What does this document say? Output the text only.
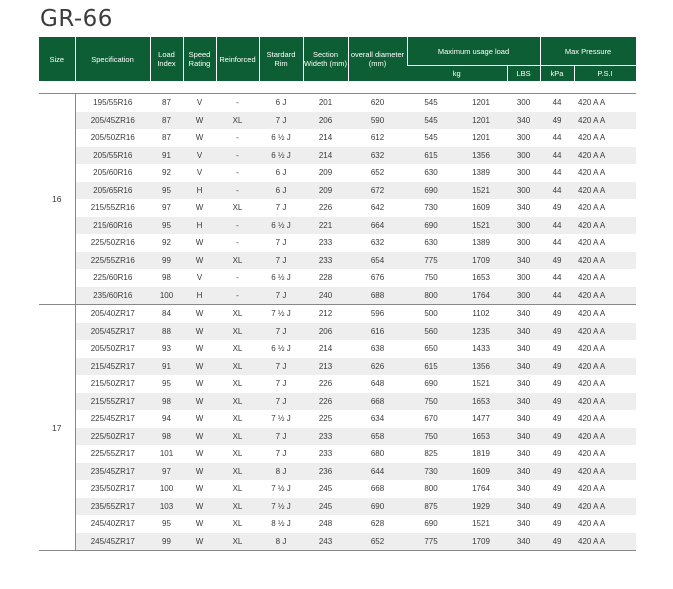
GR-66
Size	Specification	Load Index	Speed Rating	Reinforced	Stardard Rim	Section Wideth (mm)	overall diameter (mm)	Maximum usage load			Max Pressure		UTQG
								kg		LBS	kPa	P.S.I	

16	195/55R16	87	V	-	6 J	201	620	545	1201	300	44	420 A A	
	205/45ZR16	87	W	XL	7 J	206	590	545	1201	340	49	420 A A	
	205/50ZR16	87	W	-	6 ½ J	214	612	545	1201	300	44	420 A A	
	205/55R16	91	V	-	6 ½ J	214	632	615	1356	300	44	420 A A	
	205/60R16	92	V	-	6 J	209	652	630	1389	300	44	420 A A	
	205/65R16	95	H	-	6 J	209	672	690	1521	300	44	420 A A	
	215/55ZR16	97	W	XL	7 J	226	642	730	1609	340	49	420 A A	
	215/60R16	95	H	-	6 ½ J	221	664	690	1521	300	44	420 A A	
	225/50ZR16	92	W	-	7 J	233	632	630	1389	300	44	420 A A	
	225/55ZR16	99	W	XL	7 J	233	654	775	1709	340	49	420 A A	
	225/60R16	98	V	-	6 ½ J	228	676	750	1653	300	44	420 A A	
	235/60R16	100	H	-	7 J	240	688	800	1764	300	44	420 A A	
17	205/40ZR17	84	W	XL	7 ½ J	212	596	500	1102	340	49	420 A A	
	205/45ZR17	88	W	XL	7 J	206	616	560	1235	340	49	420 A A	
	205/50ZR17	93	W	XL	6 ½ J	214	638	650	1433	340	49	420 A A	
	215/45ZR17	91	W	XL	7 J	213	626	615	1356	340	49	420 A A	
	215/50ZR17	95	W	XL	7 J	226	648	690	1521	340	49	420 A A	
	215/55ZR17	98	W	XL	7 J	226	668	750	1653	340	49	420 A A	
	225/45ZR17	94	W	XL	7 ½ J	225	634	670	1477	340	49	420 A A	
	225/50ZR17	98	W	XL	7 J	233	658	750	1653	340	49	420 A A	
	225/55ZR17	101	W	XL	7 J	233	680	825	1819	340	49	420 A A	
	235/45ZR17	97	W	XL	8 J	236	644	730	1609	340	49	420 A A	
	235/50ZR17	100	W	XL	7 ½ J	245	668	800	1764	340	49	420 A A	
	235/55ZR17	103	W	XL	7 ½ J	245	690	875	1929	340	49	420 A A	
	245/40ZR17	95	W	XL	8 ½ J	248	628	690	1521	340	49	420 A A	
	245/45ZR17	99	W	XL	8 J	243	652	775	1709	340	49	420 A A	
